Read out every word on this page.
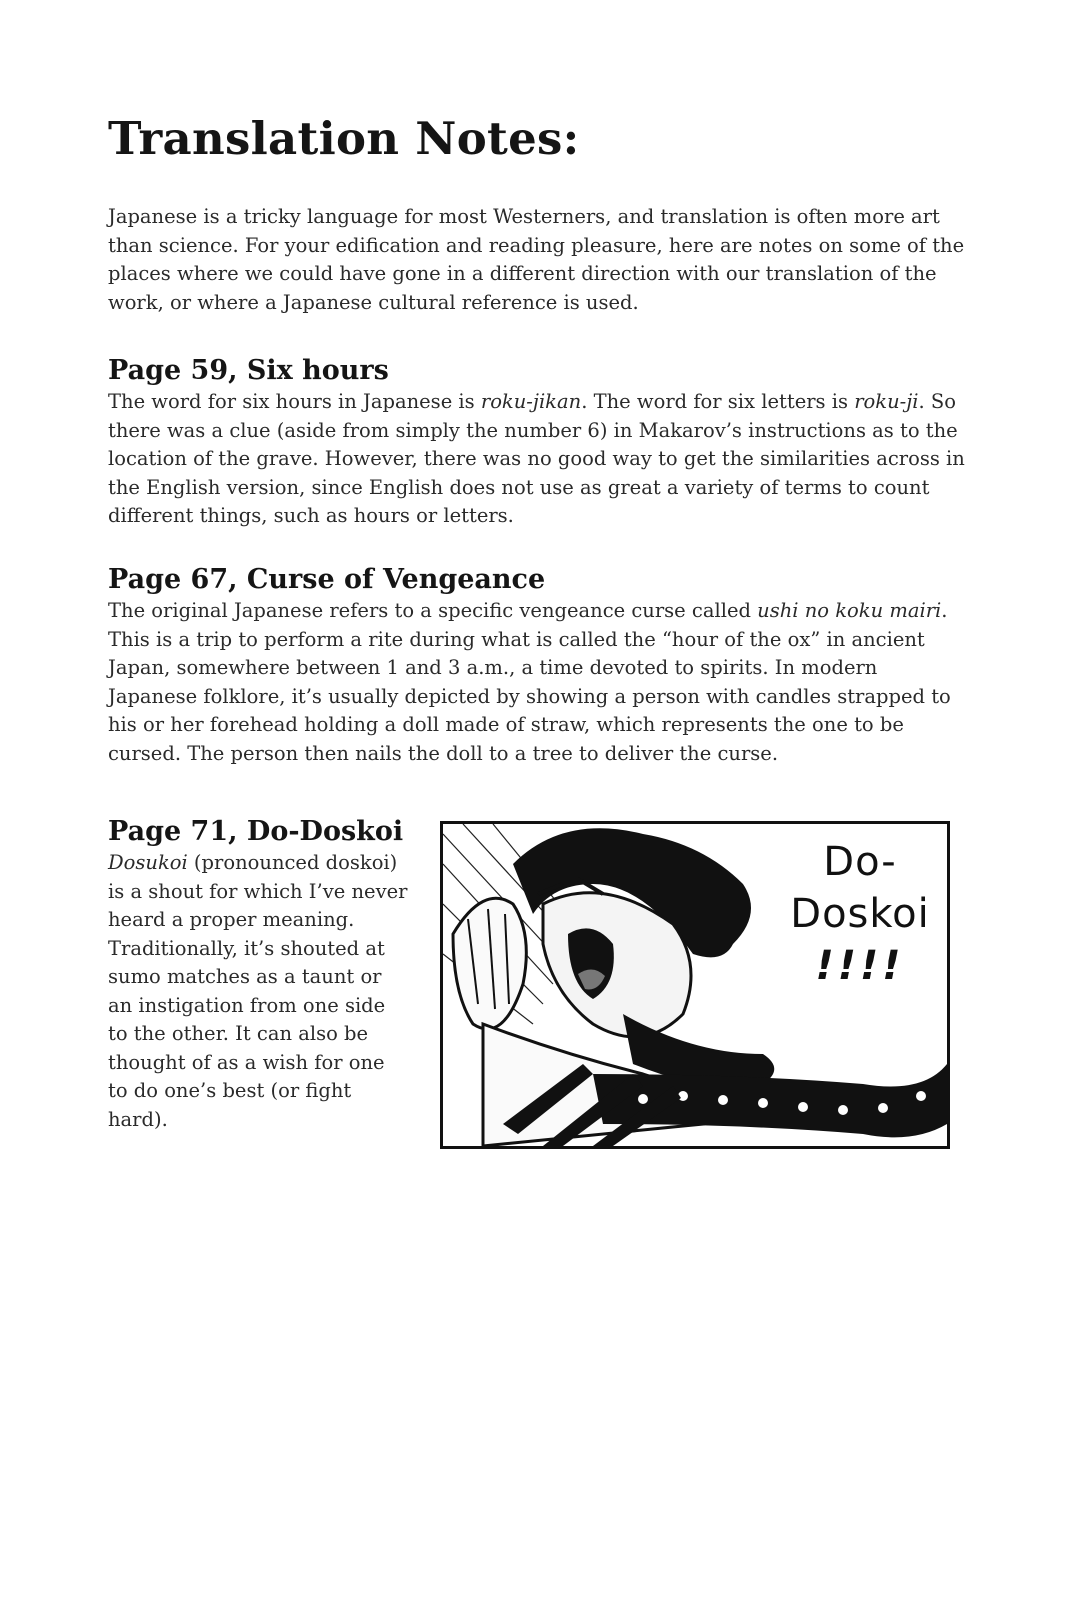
Translation Notes:

Japanese is a tricky language for most Westerners, and translation is often more art than science. For your edification and reading pleasure, here are notes on some of the places where we could have gone in a different direction with our translation of the work, or where a Japanese cultural reference is used.

Page 59, Six hours

The word for six hours in Japanese is roku-jikan. The word for six letters is roku-ji. So there was a clue (aside from simply the number 6) in Makarov’s instructions as to the location of the grave. However, there was no good way to get the similarities across in the English version, since English does not use as great a variety of terms to count different things, such as hours or letters.

Page 67, Curse of Vengeance

The original Japanese refers to a specific vengeance curse called ushi no koku mairi. This is a trip to perform a rite during what is called the “hour of the ox” in ancient Japan, somewhere between 1 and 3 a.m., a time devoted to spirits. In modern Japanese folklore, it’s usually depicted by showing a person with candles strapped to his or her forehead holding a doll made of straw, which represents the one to be cursed. The person then nails the doll to a tree to deliver the curse.

Page 71, Do-Doskoi

Dosukoi (pronounced doskoi) is a shout for which I’ve never heard a proper meaning. Traditionally, it’s shouted at sumo matches as a taunt or an instigation from one side to the other. It can also be thought of as a wish for one to do one’s best (or fight hard).

Do-
Doskoi
!!!!
